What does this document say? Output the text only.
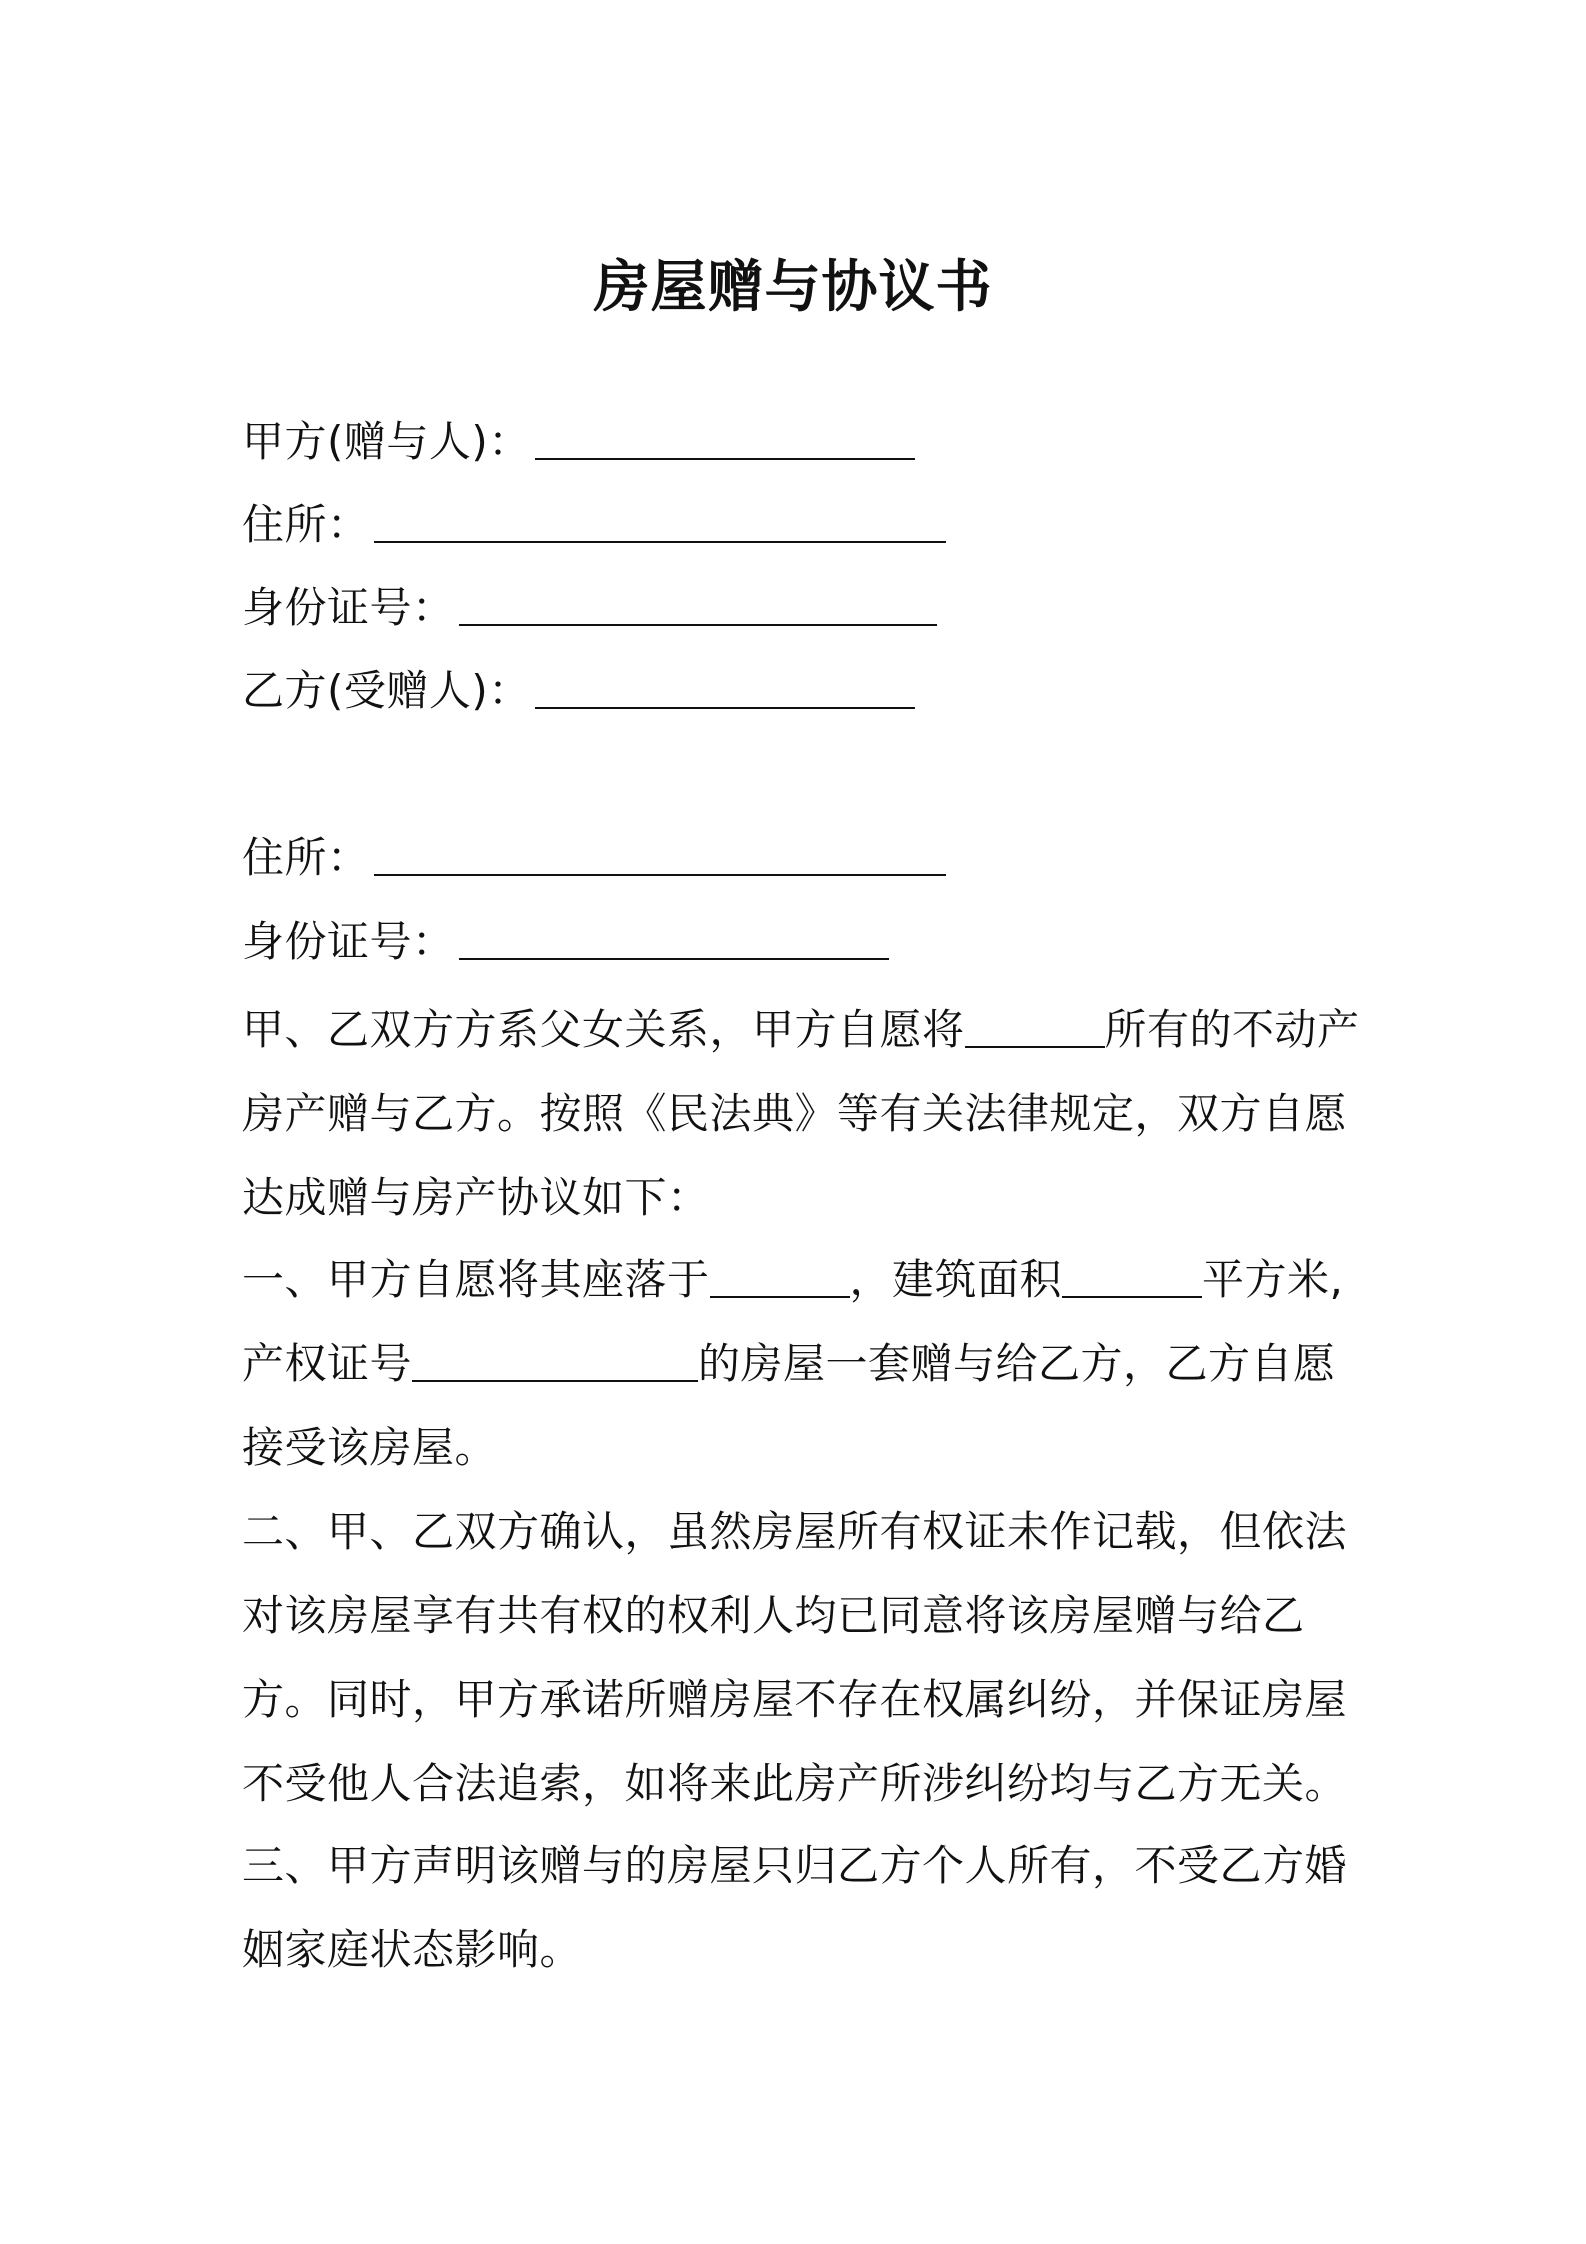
房屋赠与协议书
甲方(赠与人)：
住所：
身份证号：
乙方(受赠人)：
住所：
身份证号：
甲、乙双方方系父女关系，甲方自愿将	所有的不动产
房产赠与乙方。按照《民法典》等有关法律规定，双方自愿
达成赠与房产协议如下：
一、甲方自愿将其座落于	，建筑面积	平方米,
产权证号	的房屋一套赠与给乙方，乙方自愿
接受该房屋。
二、甲、乙双方确认，虽然房屋所有权证未作记载，但依法
对该房屋享有共有权的权利人均已同意将该房屋赠与给乙
方。同时，甲方承诺所赠房屋不存在权属纠纷，并保证房屋
不受他人合法追索，如将来此房产所涉纠纷均与乙方无关。
三、甲方声明该赠与的房屋只归乙方个人所有，不受乙方婚
姻家庭状态影响。
